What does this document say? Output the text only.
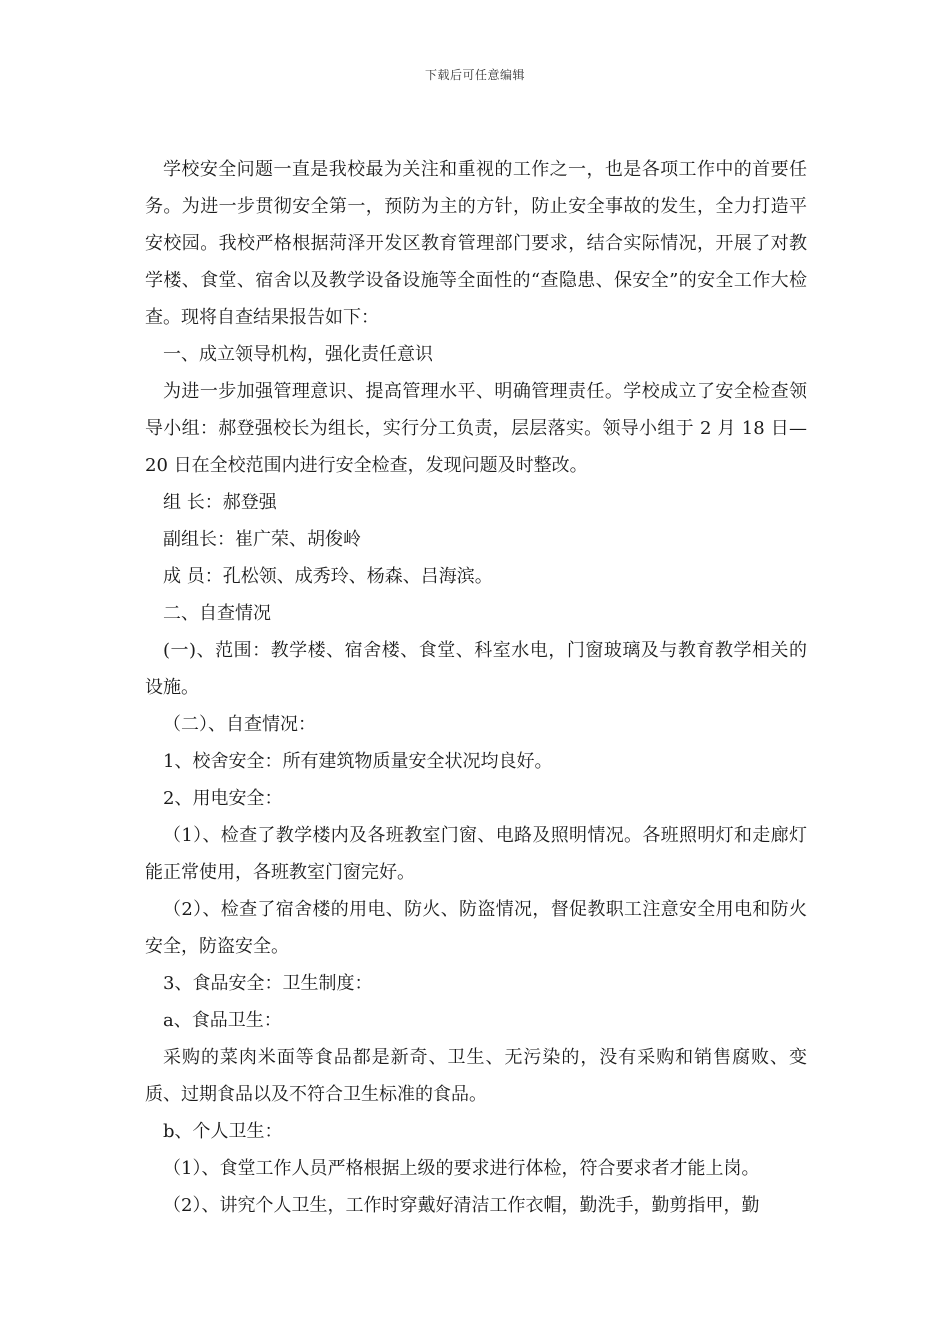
下载后可任意编辑

学校安全问题一直是我校最为关注和重视的工作之一，也是各项工作中的首要任务。为进一步贯彻安全第一，预防为主的方针，防止安全事故的发生，全力打造平安校园。我校严格根据菏泽开发区教育管理部门要求，结合实际情况，开展了对教学楼、食堂、宿舍以及教学设备设施等全面性的“查隐患、保安全”的安全工作大检查。现将自查结果报告如下：

一、成立领导机构，强化责任意识

为进一步加强管理意识、提高管理水平、明确管理责任。学校成立了安全检查领导小组：郝登强校长为组长，实行分工负责，层层落实。领导小组于 2 月 18 日—20 日在全校范围内进行安全检查，发现问题及时整改。

组 长：郝登强

副组长：崔广荣、胡俊岭

成 员：孔松领、成秀玲、杨森、吕海滨。

二、自查情况

(一)、范围：教学楼、宿舍楼、食堂、科室水电，门窗玻璃及与教育教学相关的设施。

（二）、自查情况：

1、校舍安全：所有建筑物质量安全状况均良好。

2、用电安全：

（1）、检查了教学楼内及各班教室门窗、电路及照明情况。各班照明灯和走廊灯能正常使用，各班教室门窗完好。

（2）、检查了宿舍楼的用电、防火、防盗情况，督促教职工注意安全用电和防火安全，防盗安全。

3、食品安全：卫生制度：

a、食品卫生：

采购的菜肉米面等食品都是新奇、卫生、无污染的，没有采购和销售腐败、变质、过期食品以及不符合卫生标准的食品。

b、个人卫生：

（1）、食堂工作人员严格根据上级的要求进行体检，符合要求者才能上岗。

（2）、讲究个人卫生，工作时穿戴好清洁工作衣帽，勤洗手，勤剪指甲，勤
